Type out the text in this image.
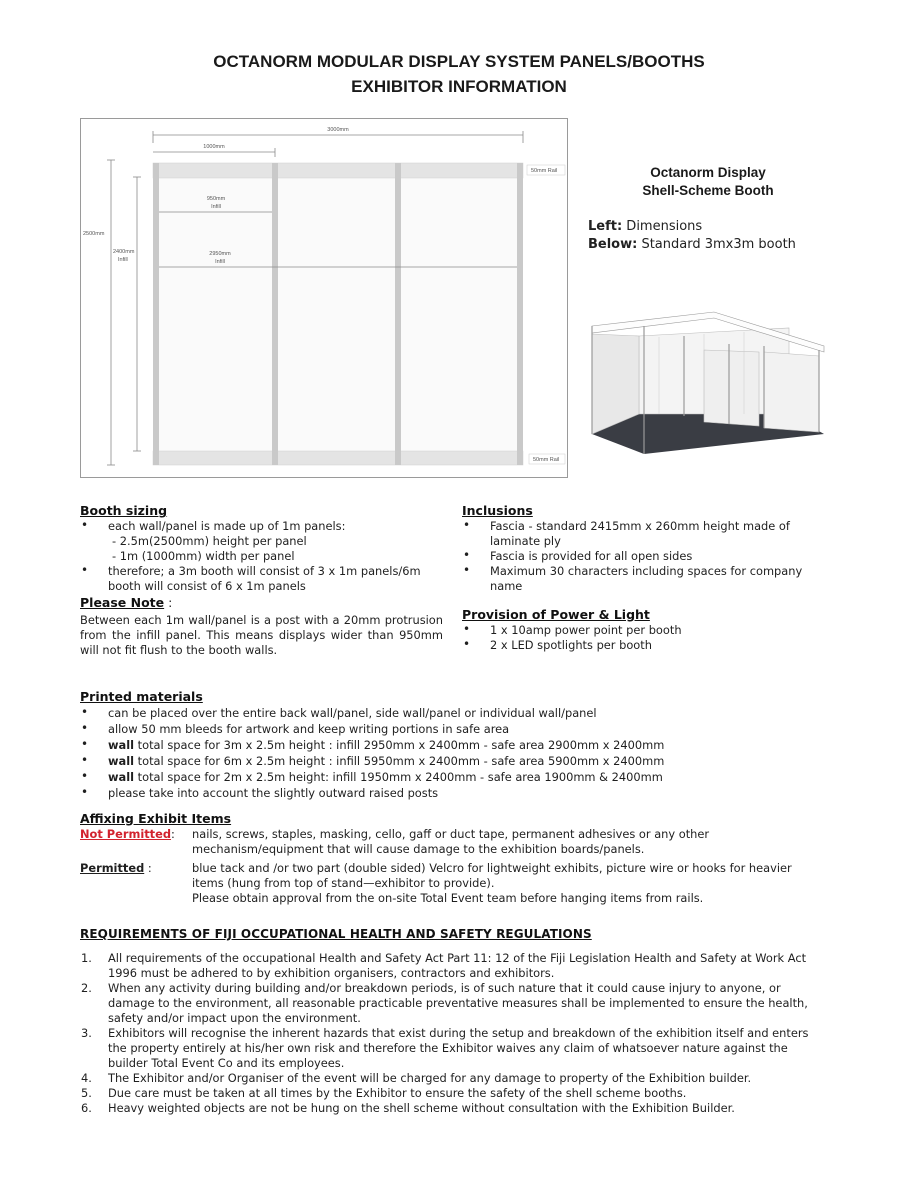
OCTANORM MODULAR DISPLAY SYSTEM PANELS/BOOTHS
EXHIBITOR INFORMATION
3000mm
1000mm
950mm
Infill
2950mm
Infill
2500mm
2400mm
Infill
50mm Rail
50mm Rail
Octanorm Display
Shell-Scheme Booth
Left: Dimensions
Below: Standard 3mx3m booth
Booth sizing
• each wall/panel is made up of 1m panels:
- 2.5m(2500mm) height per panel
- 1m (1000mm) width per panel
• therefore; a 3m booth will consist of 3 x 1m panels/6m booth will consist of 6 x 1m panels
Please Note :
Between each 1m wall/panel is a post with a 20mm protrusion from the infill panel. This means displays wider than 950mm will not fit flush to the booth walls.
Inclusions
• Fascia - standard 2415mm x 260mm height made of laminate ply
• Fascia is provided for all open sides
• Maximum 30 characters including spaces for company name
Provision of Power & Light
• 1 x 10amp power point per booth
• 2 x LED spotlights per booth
Printed materials
• can be placed over the entire back wall/panel, side wall/panel or individual wall/panel
• allow 50 mm bleeds for artwork and keep writing portions in safe area
• wall total space for 3m x 2.5m height : infill 2950mm x 2400mm - safe area 2900mm x 2400mm
• wall total space for 6m x 2.5m height : infill 5950mm x 2400mm - safe area 5900mm x 2400mm
• wall total space for 2m x 2.5m height: infill 1950mm x 2400mm - safe area 1900mm & 2400mm
• please take into account the slightly outward raised posts
Affixing Exhibit Items
Not Permitted: nails, screws, staples, masking, cello, gaff or duct tape, permanent adhesives or any other mechanism/equipment that will cause damage to the exhibition boards/panels.
Permitted :	blue tack and /or two part (double sided) Velcro for lightweight exhibits, picture wire or hooks for heavier items (hung from top of stand—exhibitor to provide).
Please obtain approval from the on-site Total Event team before hanging items from rails.
REQUIREMENTS OF FIJI OCCUPATIONAL HEALTH AND SAFETY REGULATIONS
1. All requirements of the occupational Health and Safety Act Part 11: 12 of the Fiji Legislation Health and Safety at Work Act 1996 must be adhered to by exhibition organisers, contractors and exhibitors.
2. When any activity during building and/or breakdown periods, is of such nature that it could cause injury to anyone, or damage to the environment, all reasonable practicable preventative measures shall be implemented to ensure the health, safety and/or impact upon the environment.
3. Exhibitors will recognise the inherent hazards that exist during the setup and breakdown of the exhibition itself and enters the property entirely at his/her own risk and therefore the Exhibitor waives any claim of whatsoever nature against the builder Total Event Co and its employees.
4. The Exhibitor and/or Organiser of the event will be charged for any damage to property of the Exhibition builder.
5. Due care must be taken at all times by the Exhibitor to ensure the safety of the shell scheme booths.
6. Heavy weighted objects are not be hung on the shell scheme without consultation with the Exhibition Builder.
